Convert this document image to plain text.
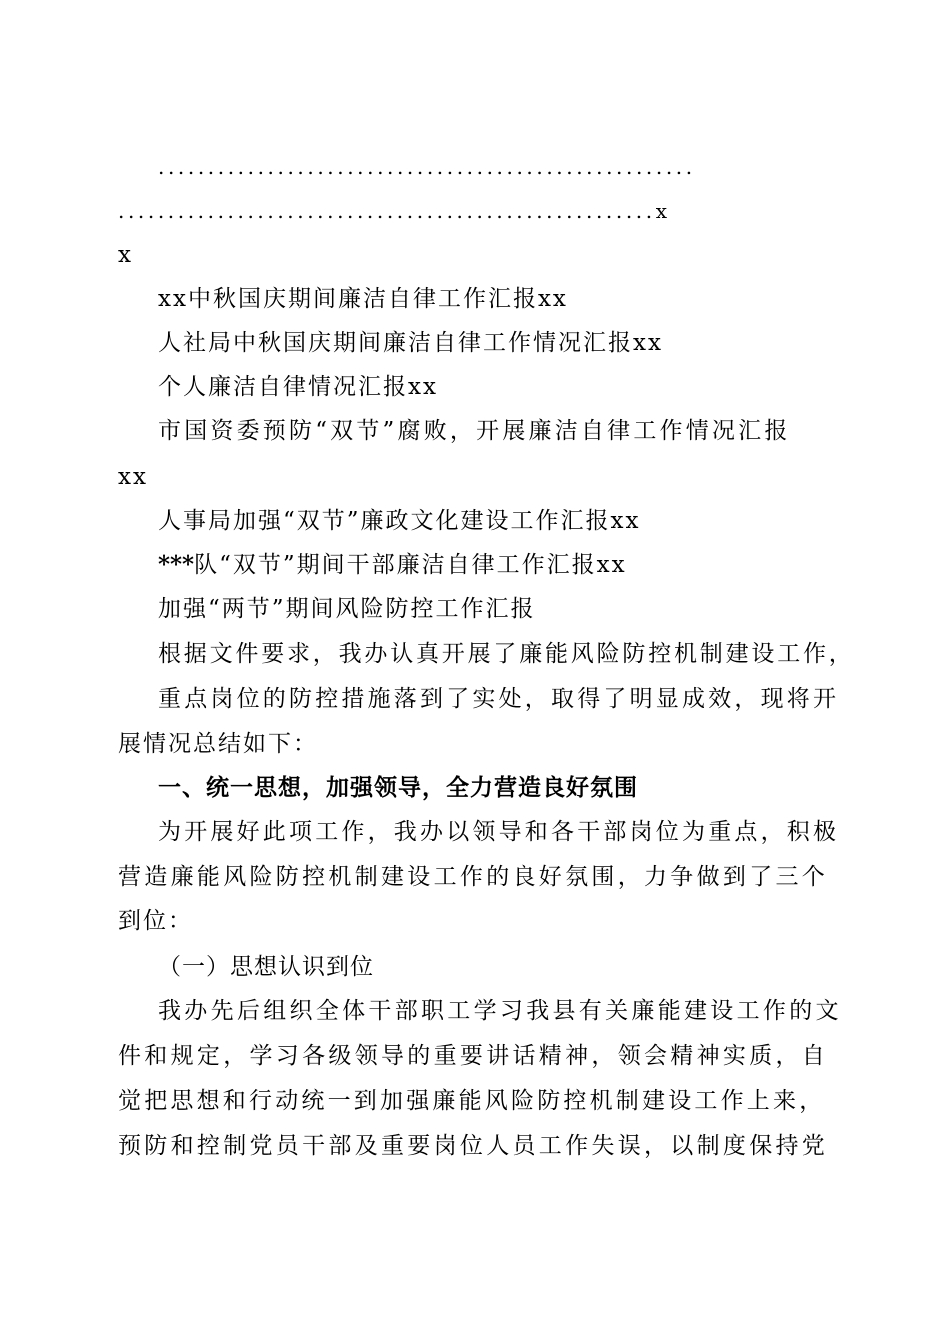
......................................................
......................................................x
x
xx中秋国庆期间廉洁自律工作汇报xx
人社局中秋国庆期间廉洁自律工作情况汇报xx
个人廉洁自律情况汇报xx
市国资委预防“双节”腐败，开展廉洁自律工作情况汇报
xx
人事局加强“双节”廉政文化建设工作汇报xx
***队“双节”期间干部廉洁自律工作汇报xx
加强“两节”期间风险防控工作汇报
根据文件要求，我办认真开展了廉能风险防控机制建设工作，
重点岗位的防控措施落到了实处，取得了明显成效，现将开
展情况总结如下：
一、统一思想，加强领导，全力营造良好氛围
为开展好此项工作，我办以领导和各干部岗位为重点，积极
营造廉能风险防控机制建设工作的良好氛围，力争做到了三个
到位：
（一）思想认识到位
我办先后组织全体干部职工学习我县有关廉能建设工作的文
件和规定，学习各级领导的重要讲话精神，领会精神实质，自
觉把思想和行动统一到加强廉能风险防控机制建设工作上来，
预防和控制党员干部及重要岗位人员工作失误，以制度保持党
